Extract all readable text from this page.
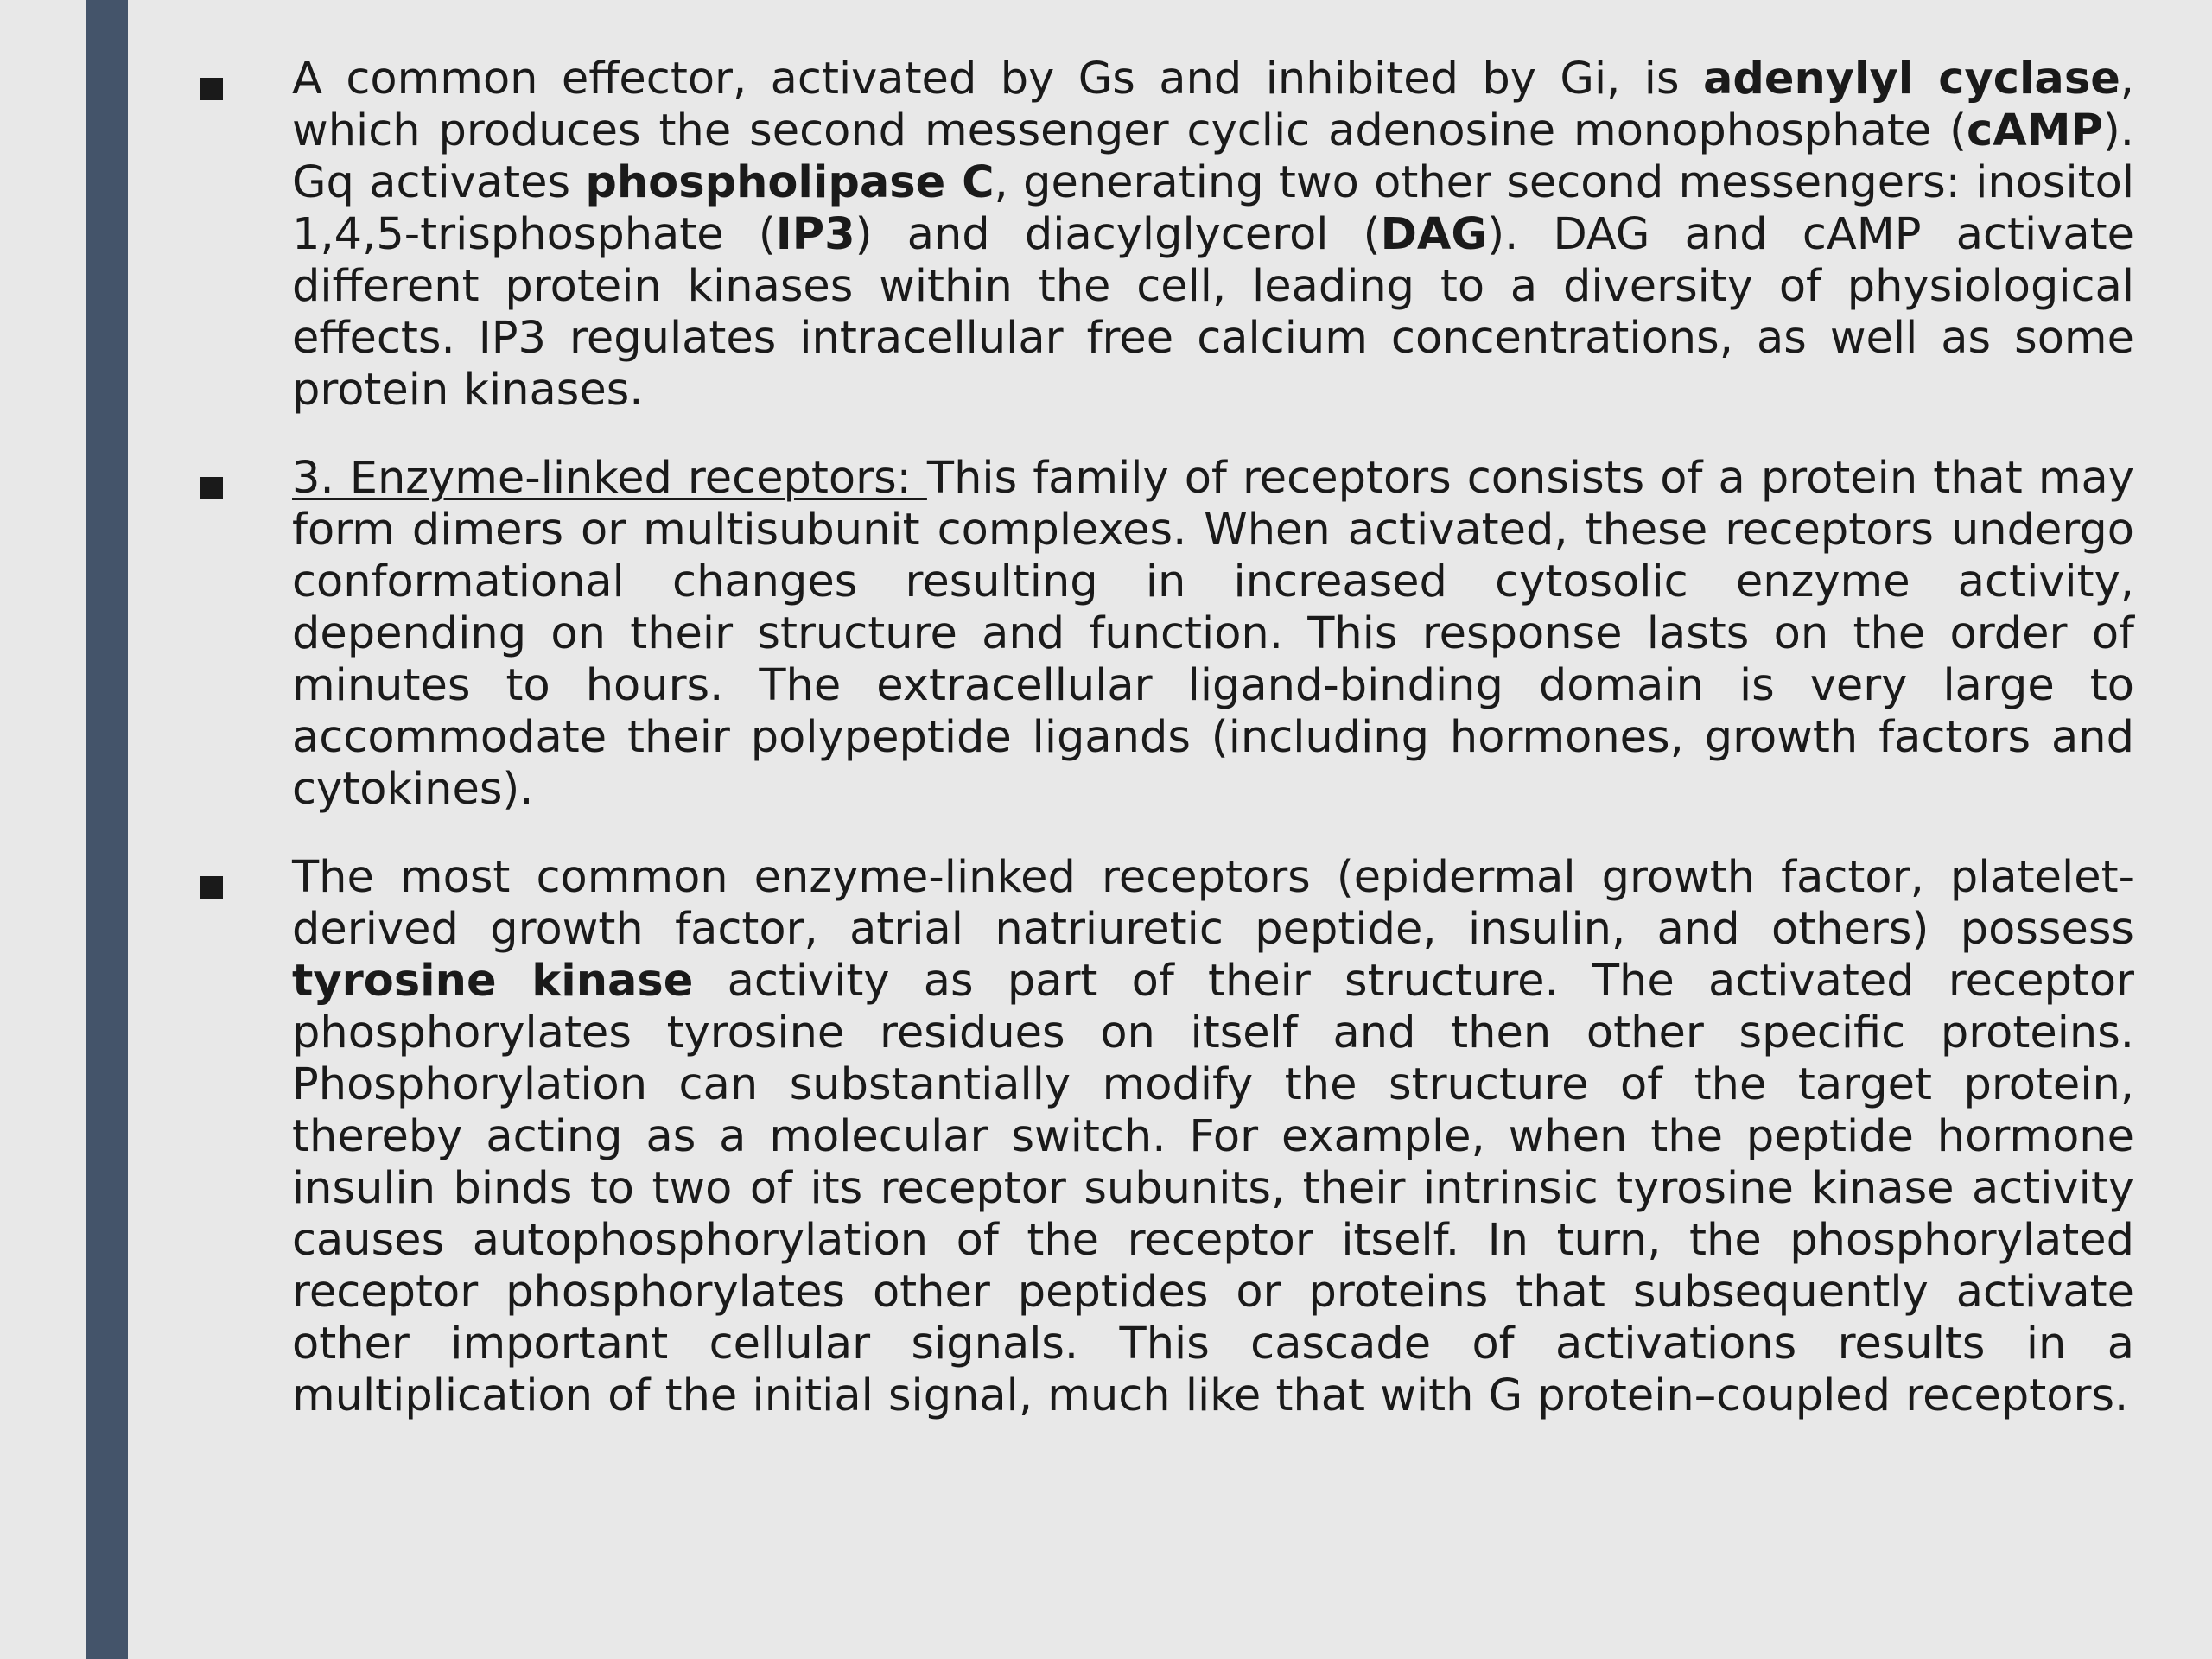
A common effector, activated by Gs and inhibited by Gi, is adenylyl cyclase, which produces the second messenger cyclic adenosine monophosphate (cAMP). Gq activates phospholipase C, generating two other second messengers: inositol 1,4,5-trisphosphate (IP3) and diacylglycerol (DAG). DAG and cAMP activate different protein kinases within the cell, leading to a diversity of physiological effects. IP3 regulates intracellular free calcium concentrations, as well as some protein kinases.
3. Enzyme-linked receptors: This family of receptors consists of a protein that may form dimers or multisubunit complexes. When activated, these receptors undergo conformational changes resulting in increased cytosolic enzyme activity, depending on their structure and function. This response lasts on the order of minutes to hours. The extracellular ligand-binding domain is very large to accommodate their polypeptide ligands (including hormones, growth factors and cytokines).
The most common enzyme-linked receptors (epidermal growth factor, platelet-derived growth factor, atrial natriuretic peptide, insulin, and others) possess tyrosine kinase activity as part of their structure. The activated receptor phosphorylates tyrosine residues on itself and then other specific proteins. Phosphorylation can substantially modify the structure of the target protein, thereby acting as a molecular switch. For example, when the peptide hormone insulin binds to two of its receptor subunits, their intrinsic tyrosine kinase activity causes autophosphorylation of the receptor itself. In turn, the phosphorylated receptor phosphorylates other peptides or proteins that subsequently activate other important cellular signals. This cascade of activations results in a multiplication of the initial signal, much like that with G protein–coupled receptors.
